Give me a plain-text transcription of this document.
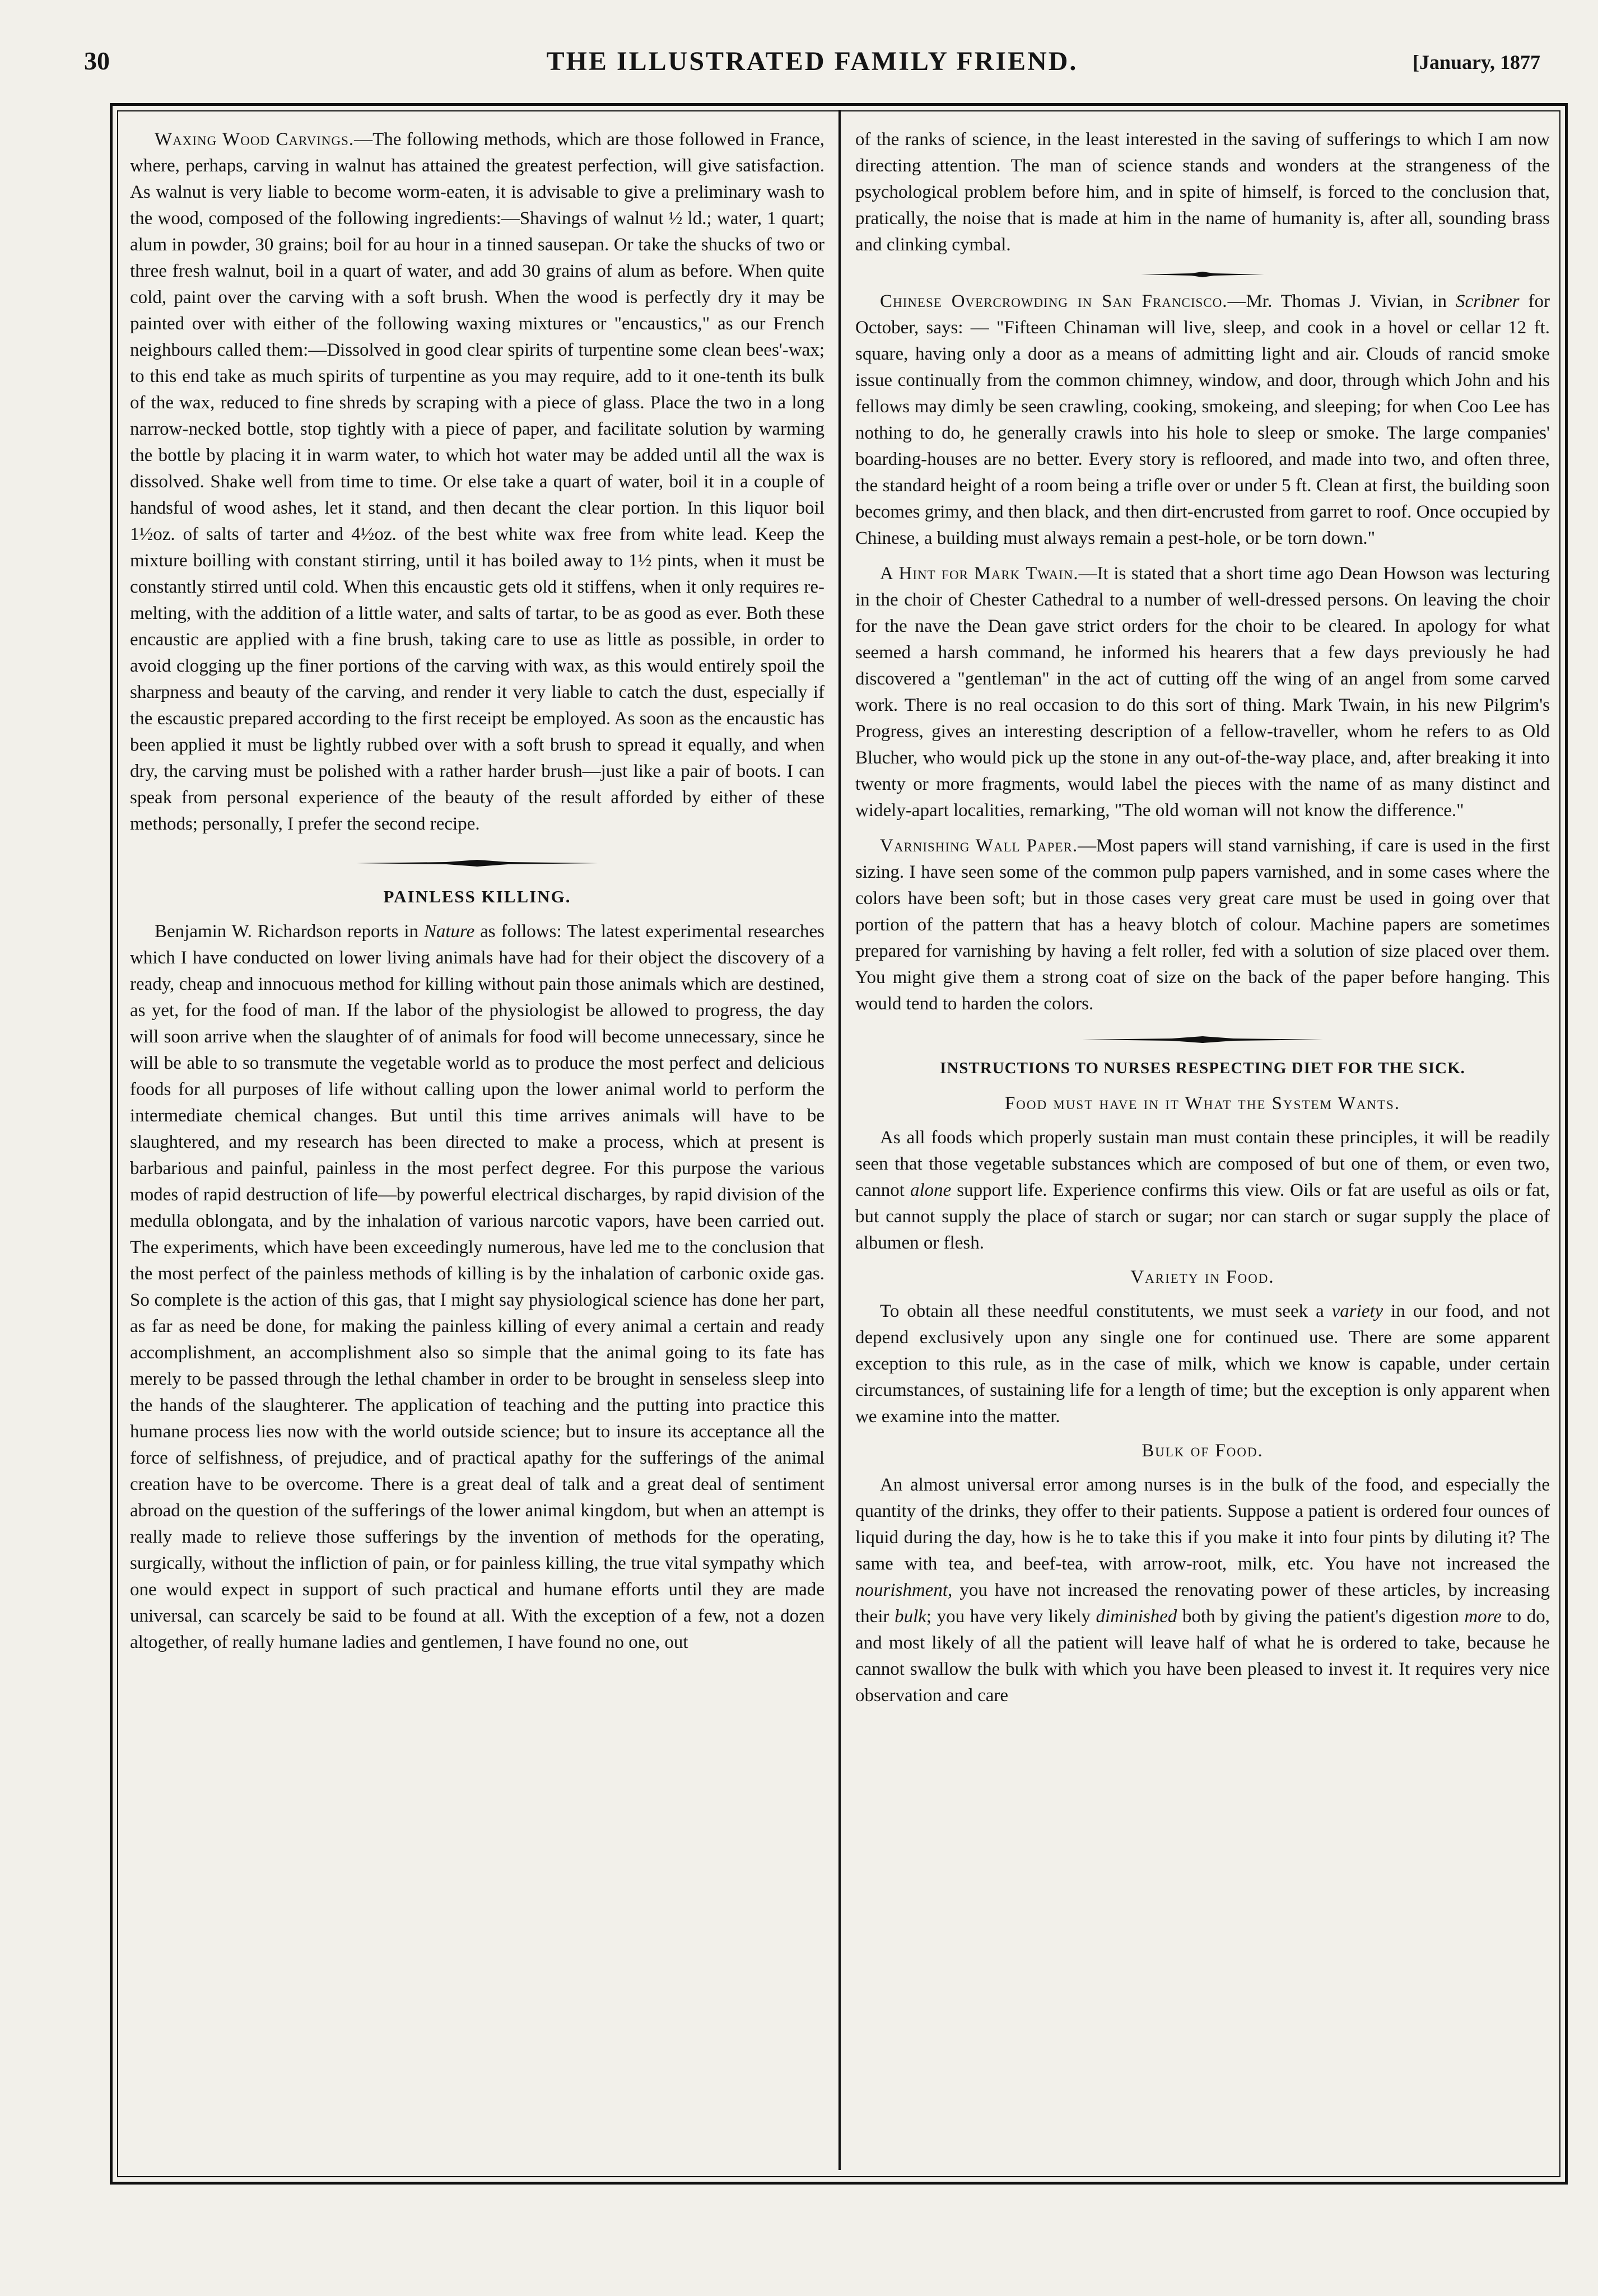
30	THE ILLUSTRATED FAMILY FRIEND.	[January, 1877

Waxing Wood Carvings.—The following methods, which are those followed in France, where, perhaps, carving in walnut has attained the greatest perfection, will give satisfaction. As walnut is very liable to become worm-eaten, it is advisable to give a preliminary wash to the wood, composed of the following ingredients:—Shavings of walnut ½ ld.; water, 1 quart; alum in powder, 30 grains; boil for au hour in a tinned sausepan. Or take the shucks of two or three fresh walnut, boil in a quart of water, and add 30 grains of alum as before. When quite cold, paint over the carving with a soft brush. When the wood is perfectly dry it may be painted over with either of the following waxing mixtures or "encaustics," as our French neighbours called them:—Dissolved in good clear spirits of turpentine some clean bees'-wax; to this end take as much spirits of turpentine as you may require, add to it one-tenth its bulk of the wax, reduced to fine shreds by scraping with a piece of glass. Place the two in a long narrow-necked bottle, stop tightly with a piece of paper, and facilitate solution by warming the bottle by placing it in warm water, to which hot water may be added until all the wax is dissolved. Shake well from time to time. Or else take a quart of water, boil it in a couple of handsful of wood ashes, let it stand, and then decant the clear portion. In this liquor boil 1½oz. of salts of tarter and 4½oz. of the best white wax free from white lead. Keep the mixture boilling with constant stirring, until it has boiled away to 1½ pints, when it must be constantly stirred until cold. When this encaustic gets old it stiffens, when it only requires re-melting, with the addition of a little water, and salts of tartar, to be as good as ever. Both these encaustic are applied with a fine brush, taking care to use as little as possible, in order to avoid clogging up the finer portions of the carving with wax, as this would entirely spoil the sharpness and beauty of the carving, and render it very liable to catch the dust, especially if the escaustic prepared according to the first receipt be employed. As soon as the encaustic has been applied it must be lightly rubbed over with a soft brush to spread it equally, and when dry, the carving must be polished with a rather harder brush—just like a pair of boots. I can speak from personal experience of the beauty of the result afforded by either of these methods; personally, I prefer the second recipe.

PAINLESS KILLING.

Benjamin W. Richardson reports in Nature as follows: The latest experimental researches which I have conducted on lower living animals have had for their object the discovery of a ready, cheap and innocuous method for killing without pain those animals which are destined, as yet, for the food of man. If the labor of the physiologist be allowed to progress, the day will soon arrive when the slaughter of of animals for food will become unnecessary, since he will be able to so transmute the vegetable world as to produce the most perfect and delicious foods for all purposes of life without calling upon the lower animal world to perform the intermediate chemical changes. But until this time arrives animals will have to be slaughtered, and my research has been directed to make a process, which at present is barbarious and painful, painless in the most perfect degree. For this purpose the various modes of rapid destruction of life—by powerful electrical discharges, by rapid division of the medulla oblongata, and by the inhalation of various narcotic vapors, have been carried out. The experiments, which have been exceedingly numerous, have led me to the conclusion that the most perfect of the painless methods of killing is by the inhalation of carbonic oxide gas. So complete is the action of this gas, that I might say physiological science has done her part, as far as need be done, for making the painless killing of every animal a certain and ready accomplishment, an accomplishment also so simple that the animal going to its fate has merely to be passed through the lethal chamber in order to be brought in senseless sleep into the hands of the slaughterer. The application of teaching and the putting into practice this humane process lies now with the world outside science; but to insure its acceptance all the force of selfishness, of prejudice, and of practical apathy for the sufferings of the animal creation have to be overcome. There is a great deal of talk and a great deal of sentiment abroad on the question of the sufferings of the lower animal kingdom, but when an attempt is really made to relieve those sufferings by the invention of methods for the operating, surgically, without the infliction of pain, or for painless killing, the true vital sympathy which one would expect in support of such practical and humane efforts until they are made universal, can scarcely be said to be found at all. With the exception of a few, not a dozen altogether, of really humane ladies and gentlemen, I have found no one, out

of the ranks of science, in the least interested in the saving of sufferings to which I am now directing attention. The man of science stands and wonders at the strangeness of the psychological problem before him, and in spite of himself, is forced to the conclusion that, pratically, the noise that is made at him in the name of humanity is, after all, sounding brass and clinking cymbal.

Chinese Overcrowding in San Francisco.—Mr. Thomas J. Vivian, in Scribner for October, says: — "Fifteen Chinaman will live, sleep, and cook in a hovel or cellar 12 ft. square, having only a door as a means of admitting light and air. Clouds of rancid smoke issue continually from the common chimney, window, and door, through which John and his fellows may dimly be seen crawling, cooking, smokeing, and sleeping; for when Coo Lee has nothing to do, he generally crawls into his hole to sleep or smoke. The large companies' boarding-houses are no better. Every story is refloored, and made into two, and often three, the standard height of a room being a trifle over or under 5 ft. Clean at first, the building soon becomes grimy, and then black, and then dirt-encrusted from garret to roof. Once occupied by Chinese, a building must always remain a pest-hole, or be torn down."

A Hint for Mark Twain.—It is stated that a short time ago Dean Howson was lecturing in the choir of Chester Cathedral to a number of well-dressed persons. On leaving the choir for the nave the Dean gave strict orders for the choir to be cleared. In apology for what seemed a harsh command, he informed his hearers that a few days previously he had discovered a "gentleman" in the act of cutting off the wing of an angel from some carved work. There is no real occasion to do this sort of thing. Mark Twain, in his new Pilgrim's Progress, gives an interesting description of a fellow-traveller, whom he refers to as Old Blucher, who would pick up the stone in any out-of-the-way place, and, after breaking it into twenty or more fragments, would label the pieces with the name of as many distinct and widely-apart localities, remarking, "The old woman will not know the difference."

Varnishing Wall Paper.—Most papers will stand varnishing, if care is used in the first sizing. I have seen some of the common pulp papers varnished, and in some cases where the colors have been soft; but in those cases very great care must be used in going over that portion of the pattern that has a heavy blotch of colour. Machine papers are sometimes prepared for varnishing by having a felt roller, fed with a solution of size placed over them. You might give them a strong coat of size on the back of the paper before hanging. This would tend to harden the colors.

INSTRUCTIONS TO NURSES RESPECTING DIET FOR THE SICK.
Food must have in it What the System Wants.

As all foods which properly sustain man must contain these principles, it will be readily seen that those vegetable substances which are composed of but one of them, or even two, cannot alone support life. Experience confirms this view. Oils or fat are useful as oils or fat, but cannot supply the place of starch or sugar; nor can starch or sugar supply the place of albumen or flesh.

Variety in Food.

To obtain all these needful constitutents, we must seek a variety in our food, and not depend exclusively upon any single one for continued use. There are some apparent exception to this rule, as in the case of milk, which we know is capable, under certain circumstances, of sustaining life for a length of time; but the exception is only apparent when we examine into the matter.

Bulk of Food.

An almost universal error among nurses is in the bulk of the food, and especially the quantity of the drinks, they offer to their patients. Suppose a patient is ordered four ounces of liquid during the day, how is he to take this if you make it into four pints by diluting it? The same with tea, and beef-tea, with arrow-root, milk, etc. You have not increased the nourishment, you have not increased the renovating power of these articles, by increasing their bulk; you have very likely diminished both by giving the patient's digestion more to do, and most likely of all the patient will leave half of what he is ordered to take, because he cannot swallow the bulk with which you have been pleased to invest it. It requires very nice observation and care
